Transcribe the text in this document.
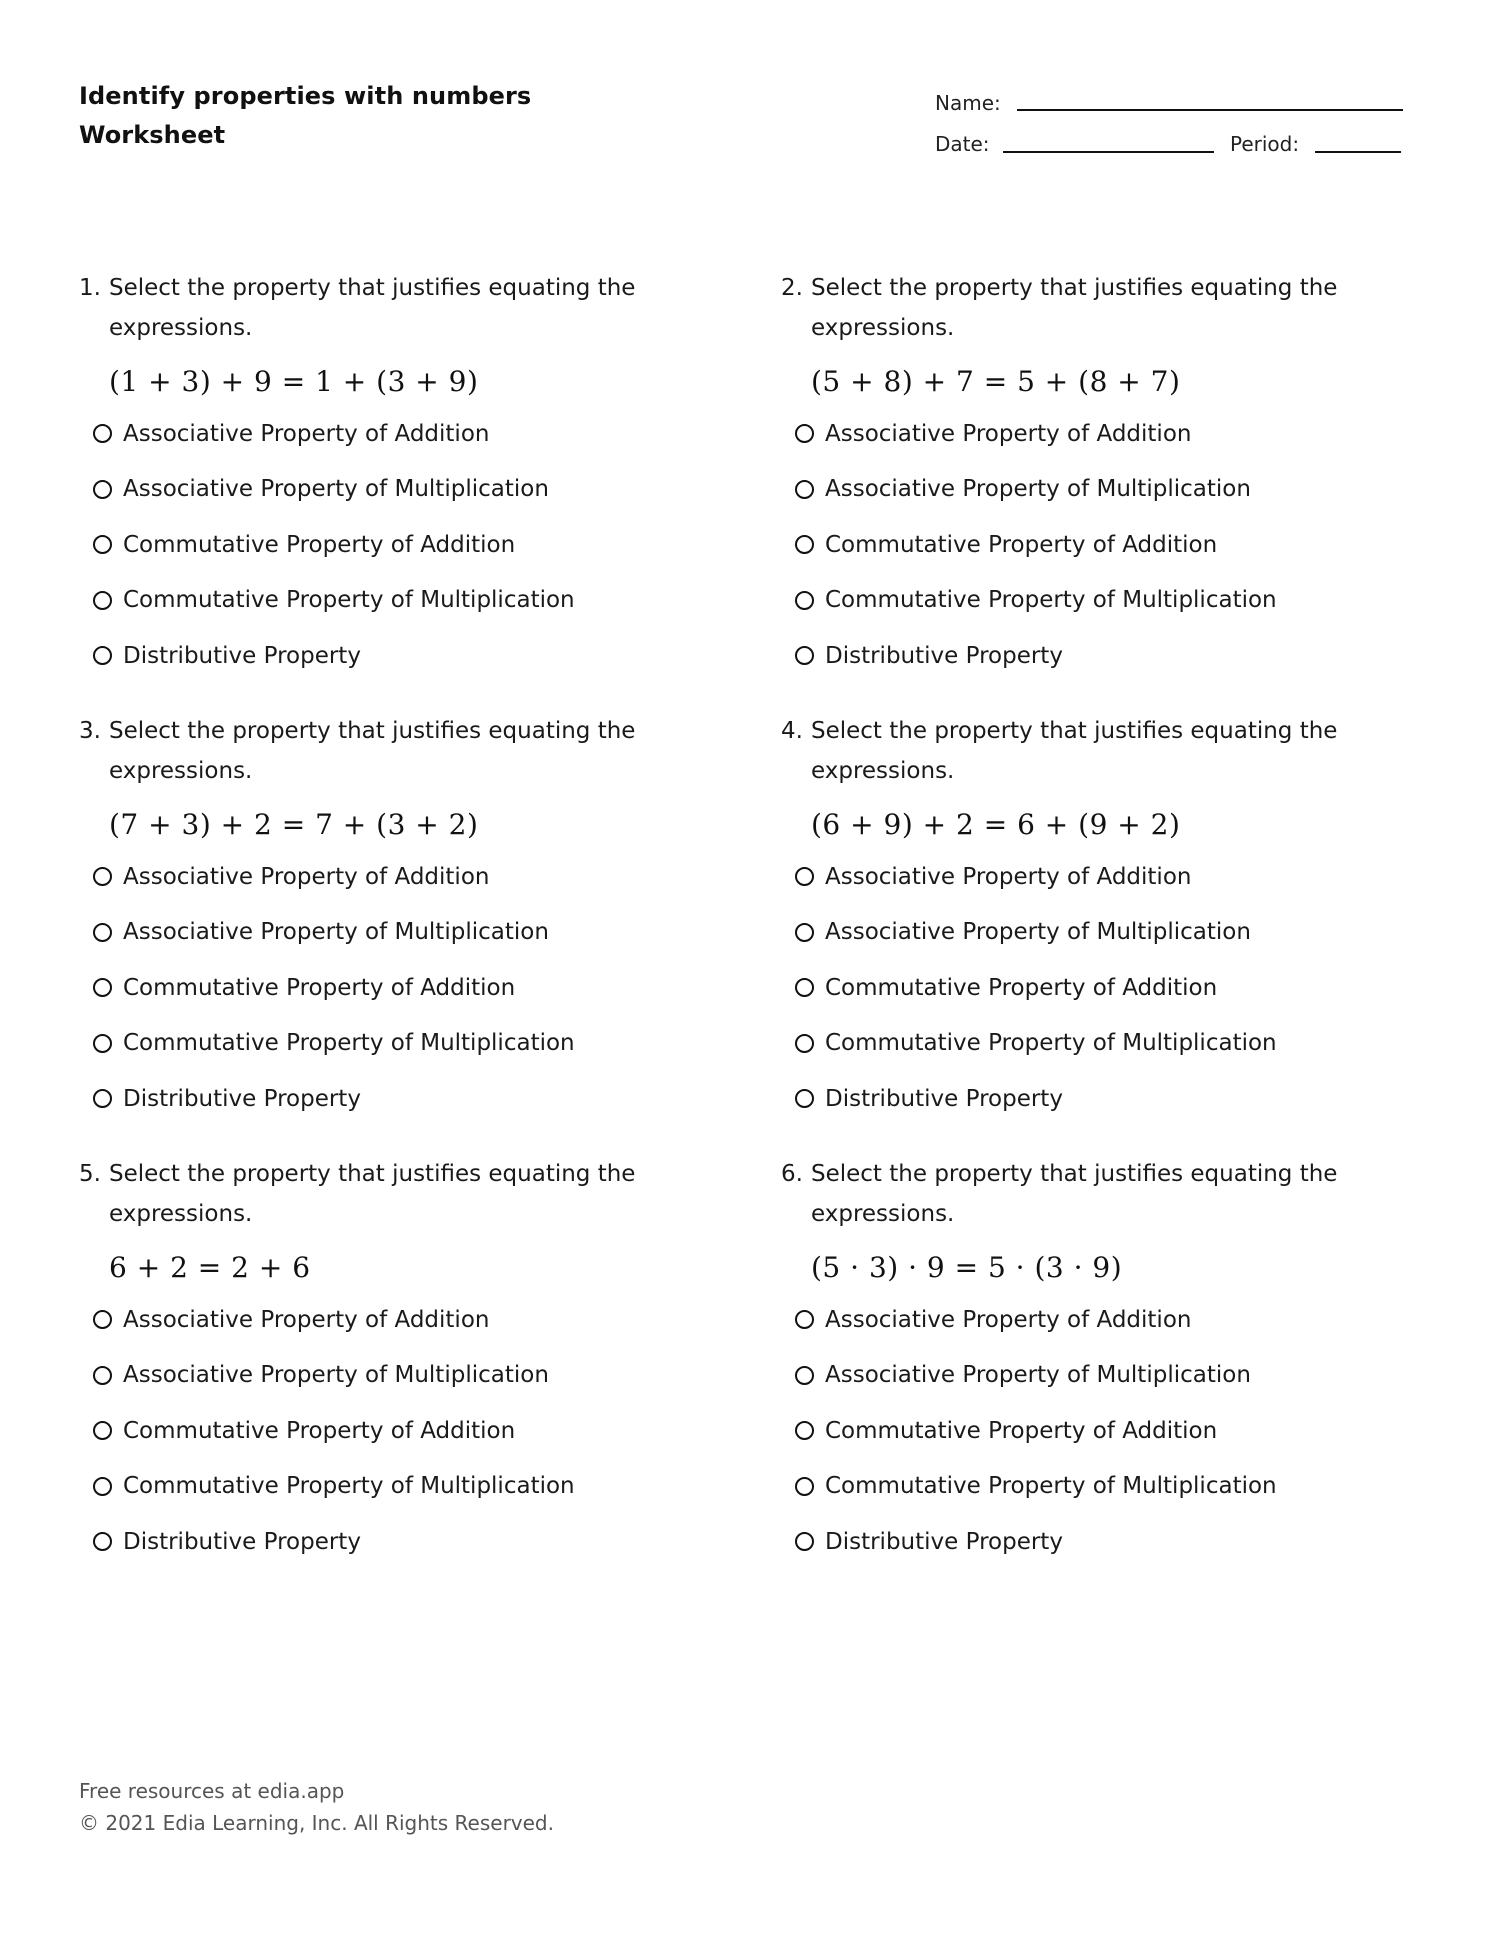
Identify properties with numbers
Worksheet
Name:
Date:	Period:
1. Select the property that justifies equating the
expressions.
(1 + 3) + 9 = 1 + (3 + 9)
Associative Property of Addition
Associative Property of Multiplication
Commutative Property of Addition
Commutative Property of Multiplication
Distributive Property
2. Select the property that justifies equating the
expressions.
(5 + 8) + 7 = 5 + (8 + 7)
Associative Property of Addition
Associative Property of Multiplication
Commutative Property of Addition
Commutative Property of Multiplication
Distributive Property
3. Select the property that justifies equating the
expressions.
(7 + 3) + 2 = 7 + (3 + 2)
Associative Property of Addition
Associative Property of Multiplication
Commutative Property of Addition
Commutative Property of Multiplication
Distributive Property
4. Select the property that justifies equating the
expressions.
(6 + 9) + 2 = 6 + (9 + 2)
Associative Property of Addition
Associative Property of Multiplication
Commutative Property of Addition
Commutative Property of Multiplication
Distributive Property
5. Select the property that justifies equating the
expressions.
6 + 2 = 2 + 6
Associative Property of Addition
Associative Property of Multiplication
Commutative Property of Addition
Commutative Property of Multiplication
Distributive Property
6. Select the property that justifies equating the
expressions.
(5 · 3) · 9 = 5 · (3 · 9)
Associative Property of Addition
Associative Property of Multiplication
Commutative Property of Addition
Commutative Property of Multiplication
Distributive Property
Free resources at edia.app
© 2021 Edia Learning, Inc. All Rights Reserved.
